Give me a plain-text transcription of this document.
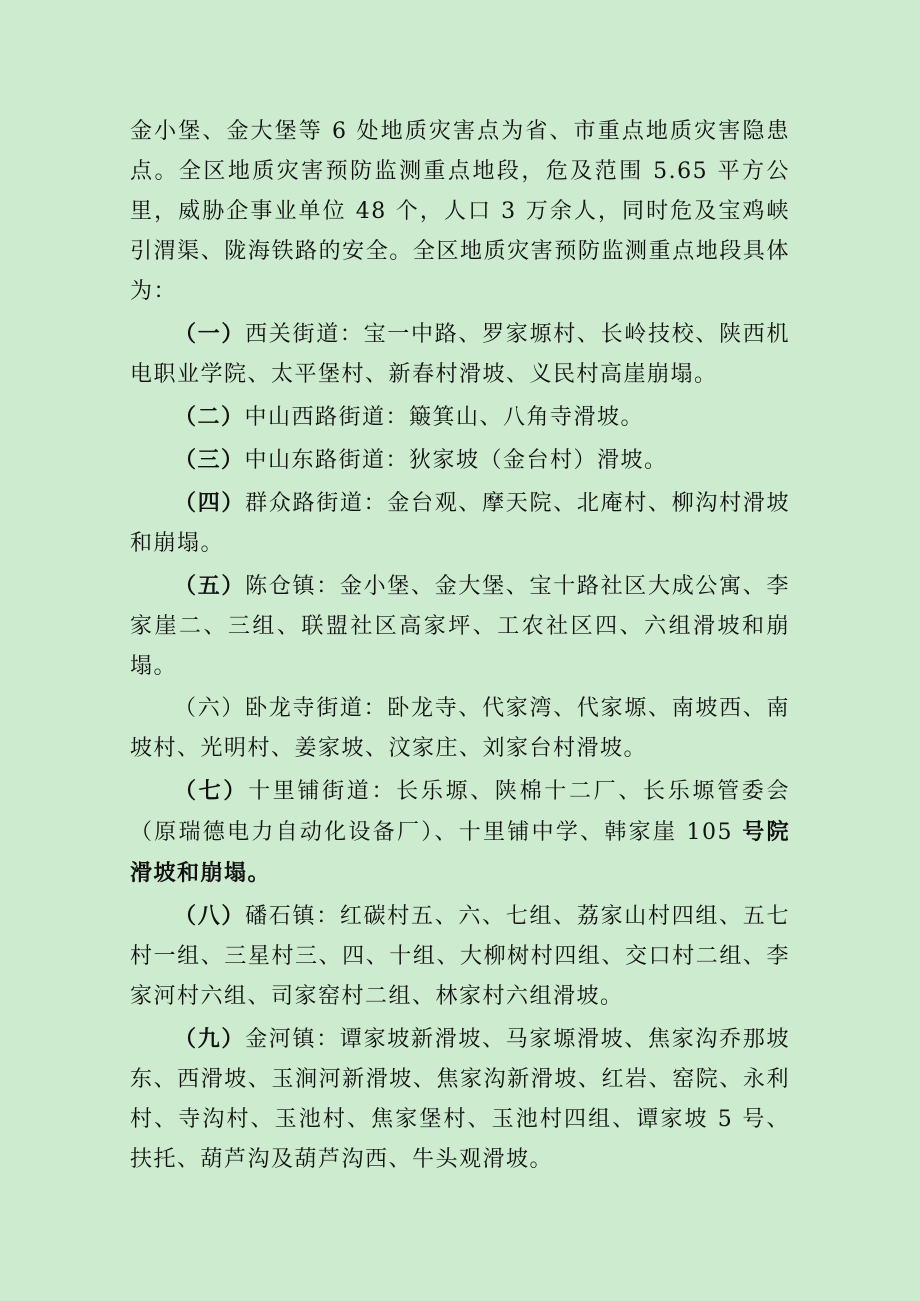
金小堡、金大堡等 6 处地质灾害点为省、市重点地质灾害隐患点。全区地质灾害预防监测重点地段，危及范围 5.65 平方公里，威胁企事业单位 48 个，人口 3 万余人，同时危及宝鸡峡引渭渠、陇海铁路的安全。全区地质灾害预防监测重点地段具体为：

（一）西关街道：宝一中路、罗家塬村、长岭技校、陕西机电职业学院、太平堡村、新春村滑坡、义民村高崖崩塌。

（二）中山西路街道：簸箕山、八角寺滑坡。

（三）中山东路街道：狄家坡（金台村）滑坡。

（四）群众路街道：金台观、摩天院、北庵村、柳沟村滑坡和崩塌。

（五）陈仓镇：金小堡、金大堡、宝十路社区大成公寓、李家崖二、三组、联盟社区高家坪、工农社区四、六组滑坡和崩塌。

（六）卧龙寺街道：卧龙寺、代家湾、代家塬、南坡西、南坡村、光明村、姜家坡、汶家庄、刘家台村滑坡。

（七）十里铺街道：长乐塬、陕棉十二厂、长乐塬管委会（原瑞德电力自动化设备厂）、十里铺中学、韩家崖 105 号院滑坡和崩塌。

（八）磻石镇：红碳村五、六、七组、荔家山村四组、五七村一组、三星村三、四、十组、大柳树村四组、交口村二组、李家河村六组、司家窑村二组、林家村六组滑坡。

（九）金河镇：谭家坡新滑坡、马家塬滑坡、焦家沟乔那坡东、西滑坡、玉涧河新滑坡、焦家沟新滑坡、红岩、窑院、永利村、寺沟村、玉池村、焦家堡村、玉池村四组、谭家坡 5 号、扶托、葫芦沟及葫芦沟西、牛头观滑坡。
